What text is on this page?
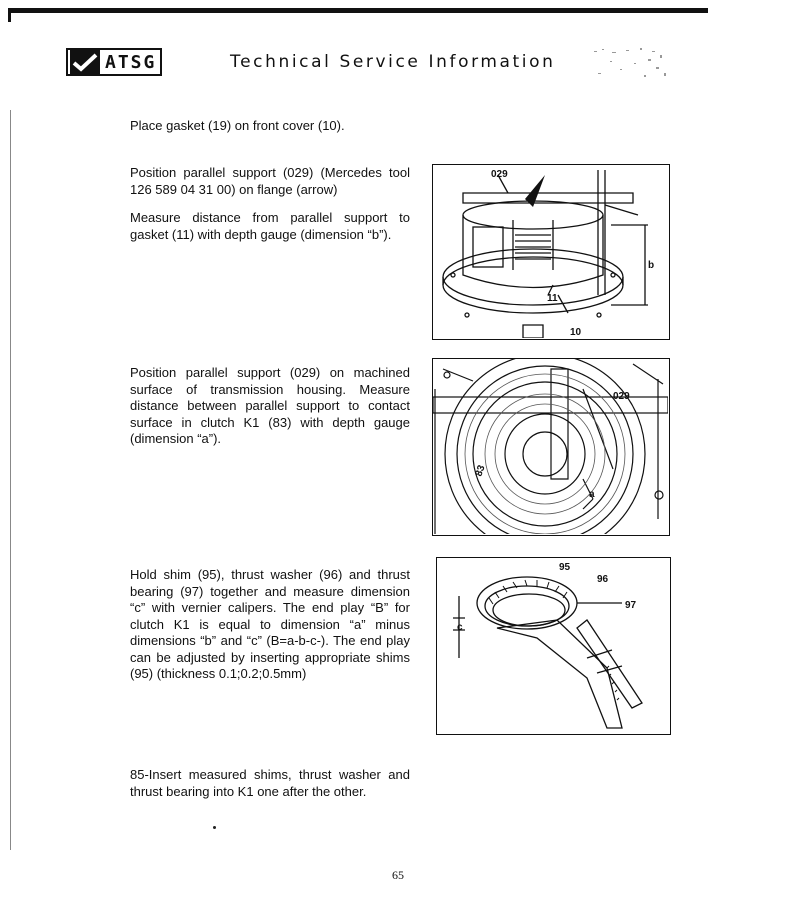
ATSG	Technical Service Information

Place gasket (19) on front cover (10).

Position parallel support (029) (Mercedes tool 126 589 04 31 00) on flange (arrow)

Measure distance from parallel support to gasket (11) with depth gauge (dimension “b”).

Position parallel support (029) on machined surface of transmission housing. Measure distance between parallel support to contact surface in clutch K1 (83) with depth gauge (dimension “a”).

Hold shim (95), thrust washer (96) and thrust bearing (97) together and measure dimension “c” with vernier calipers. The end play “B” for clutch K1 is equal to dimension “a” minus dimensions “b” and “c” (B=a-b-c-). The end play can be adjusted by inserting appropriate shims (95) (thickness 0.1;0.2;0.5mm)

85-Insert measured shims, thrust washer and thrust bearing into K1 one after the other.

029
b
11
10
029
83
a
95
96
97
c
65
